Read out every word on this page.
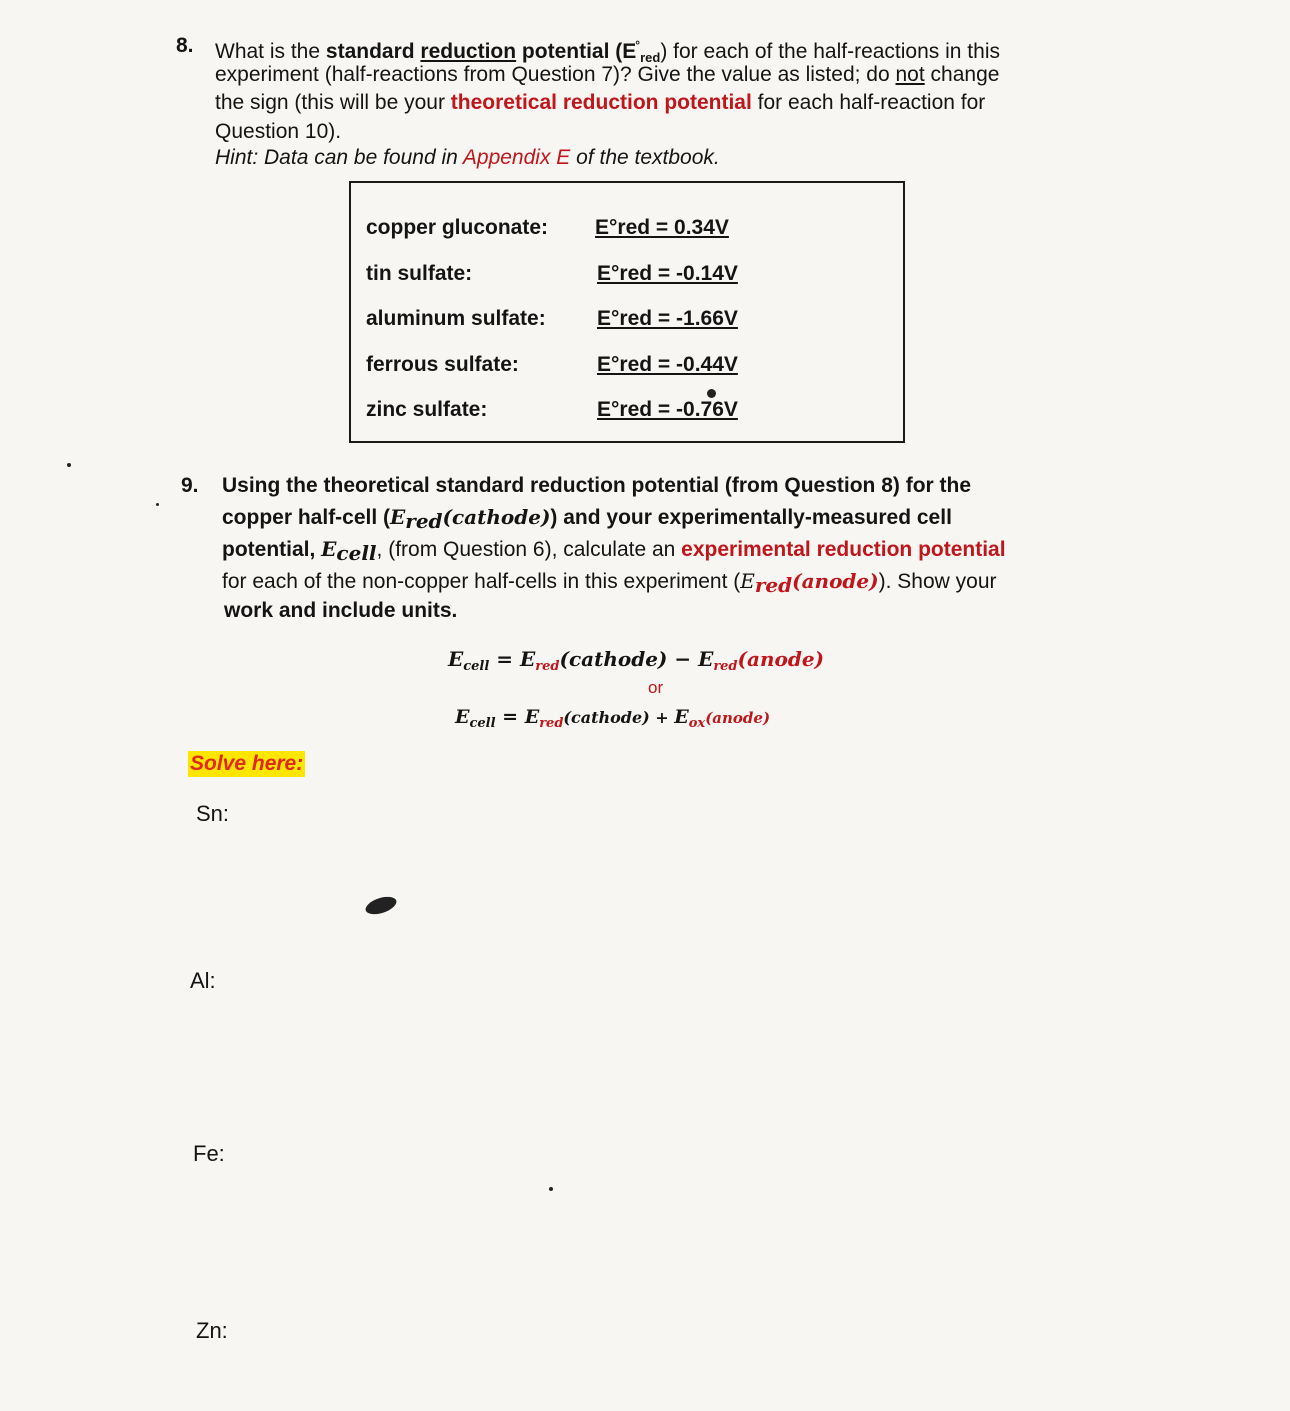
8. What is the standard reduction potential $(E^\circ_{red})$ for each of the half-reactions in this
experiment (half-reactions from Question 7)? Give the value as listed; do not change
the sign (this will be your theoretical reduction potential for each half-reaction for
Question 10).
Hint: Data can be found in Appendix E of the textbook.
copper gluconate: E°red = 0.34V
tin sulfate:	E°red = -0.14V
aluminum sulfate: E°red = -1.66V
ferrous sulfate:	E°red = -0.44V
zinc sulfate:	E°red = -0.76V
9. Using the theoretical standard reduction potential (from Question 8) for the
copper half-cell (Ered(cathode)) and your experimentally-measured cell
potential, Ecell, (from Question 6), calculate an experimental reduction potential
for each of the non-copper half-cells in this experiment (Ered(anode)). Show your
work and include units.
$E_{cell}$ = $E_{red}(cathode)$ − $E_{red}(anode)$
or
$E_{cell}$ = $E_{red}(cathode)$ + $E_{ox}(anode)$
Solve here:
Sn:
Al:
Fe:
Zn:
